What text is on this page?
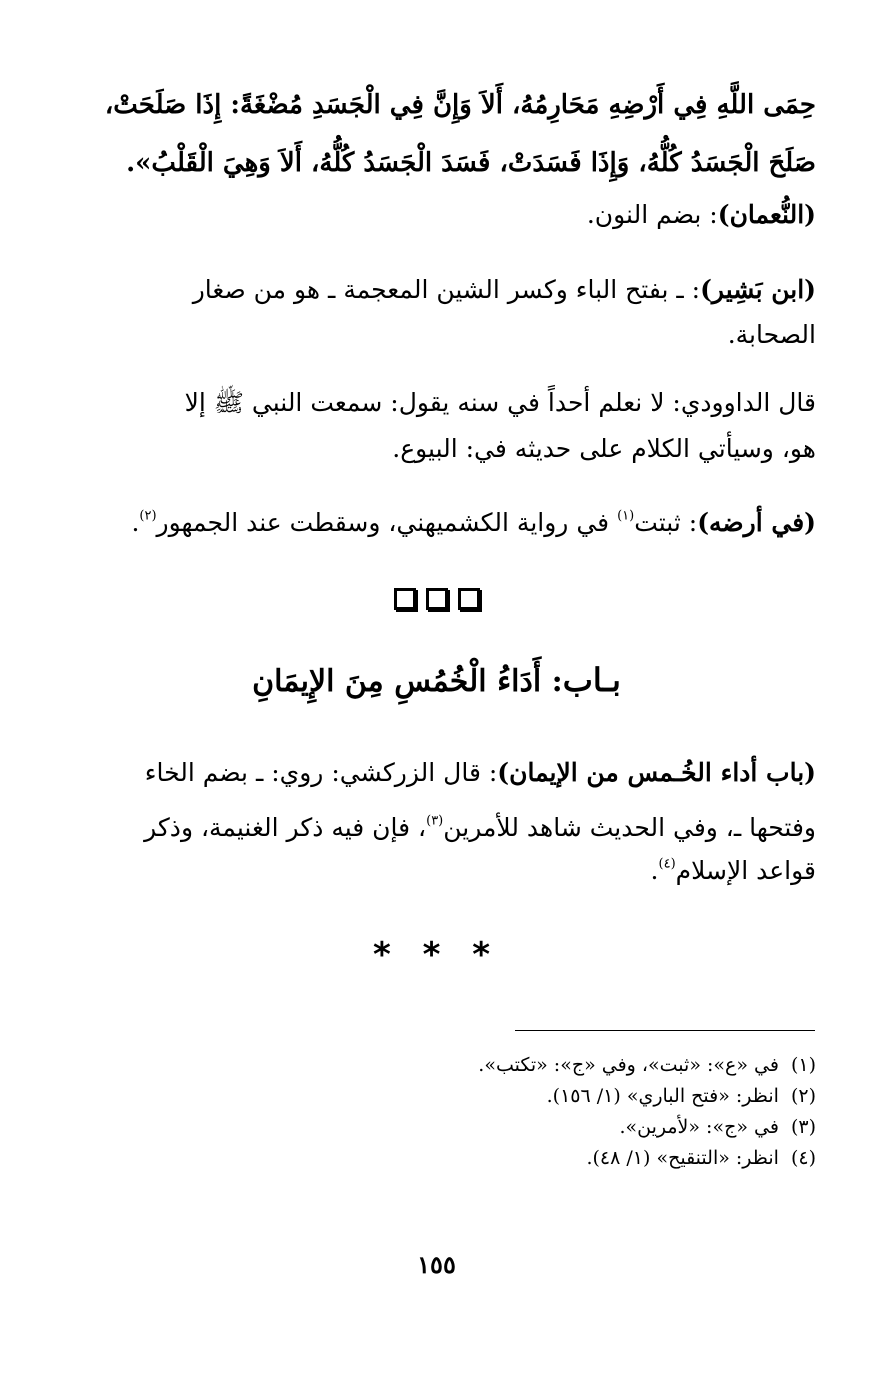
حِمَى اللَّهِ فِي أَرْضِهِ مَحَارِمُهُ، أَلاَ وَإِنَّ فِي الْجَسَدِ مُضْغَةً: إِذَا صَلَحَتْ،
صَلَحَ الْجَسَدُ كُلُّهُ، وَإِذَا فَسَدَتْ، فَسَدَ الْجَسَدُ كُلُّهُ، أَلاَ وَهِيَ الْقَلْبُ».
(النُّعمان): بضم النون.
(ابن بَشِير): ـ بفتح الباء وكسر الشين المعجمة ـ هو من صغار
الصحابة.
قال الداوودي: لا نعلم أحداً في سنه يقول: سمعت النبي ﷺ إلا
هو، وسيأتي الكلام على حديثه في: البيوع.
(في أرضه): ثبتت$^{(١)}$ في رواية الكشميهني، وسقطت عند الجمهور$^{(٢)}$.
بـاب: أَدَاءُ الْخُمُسِ مِنَ الإِيمَانِ
(باب أداء الخُـمس من الإيمان): قال الزركشي: روي: ـ بضم الخاء
وفتحها ـ، وفي الحديث شاهد للأمرين$^{(٣)}$، فإن فيه ذكر الغنيمة، وذكر
قواعد الإسلام$^{(٤)}$.
* * *
(١)في «ع»: «ثبت»، وفي «ج»: «تكتب».
(٢)انظر: «فتح الباري» (١/ ١٥٦).
(٣)في «ج»: «لأمرين».
(٤)انظر: «التنقيح» (١/ ٤٨).
١٥٥
